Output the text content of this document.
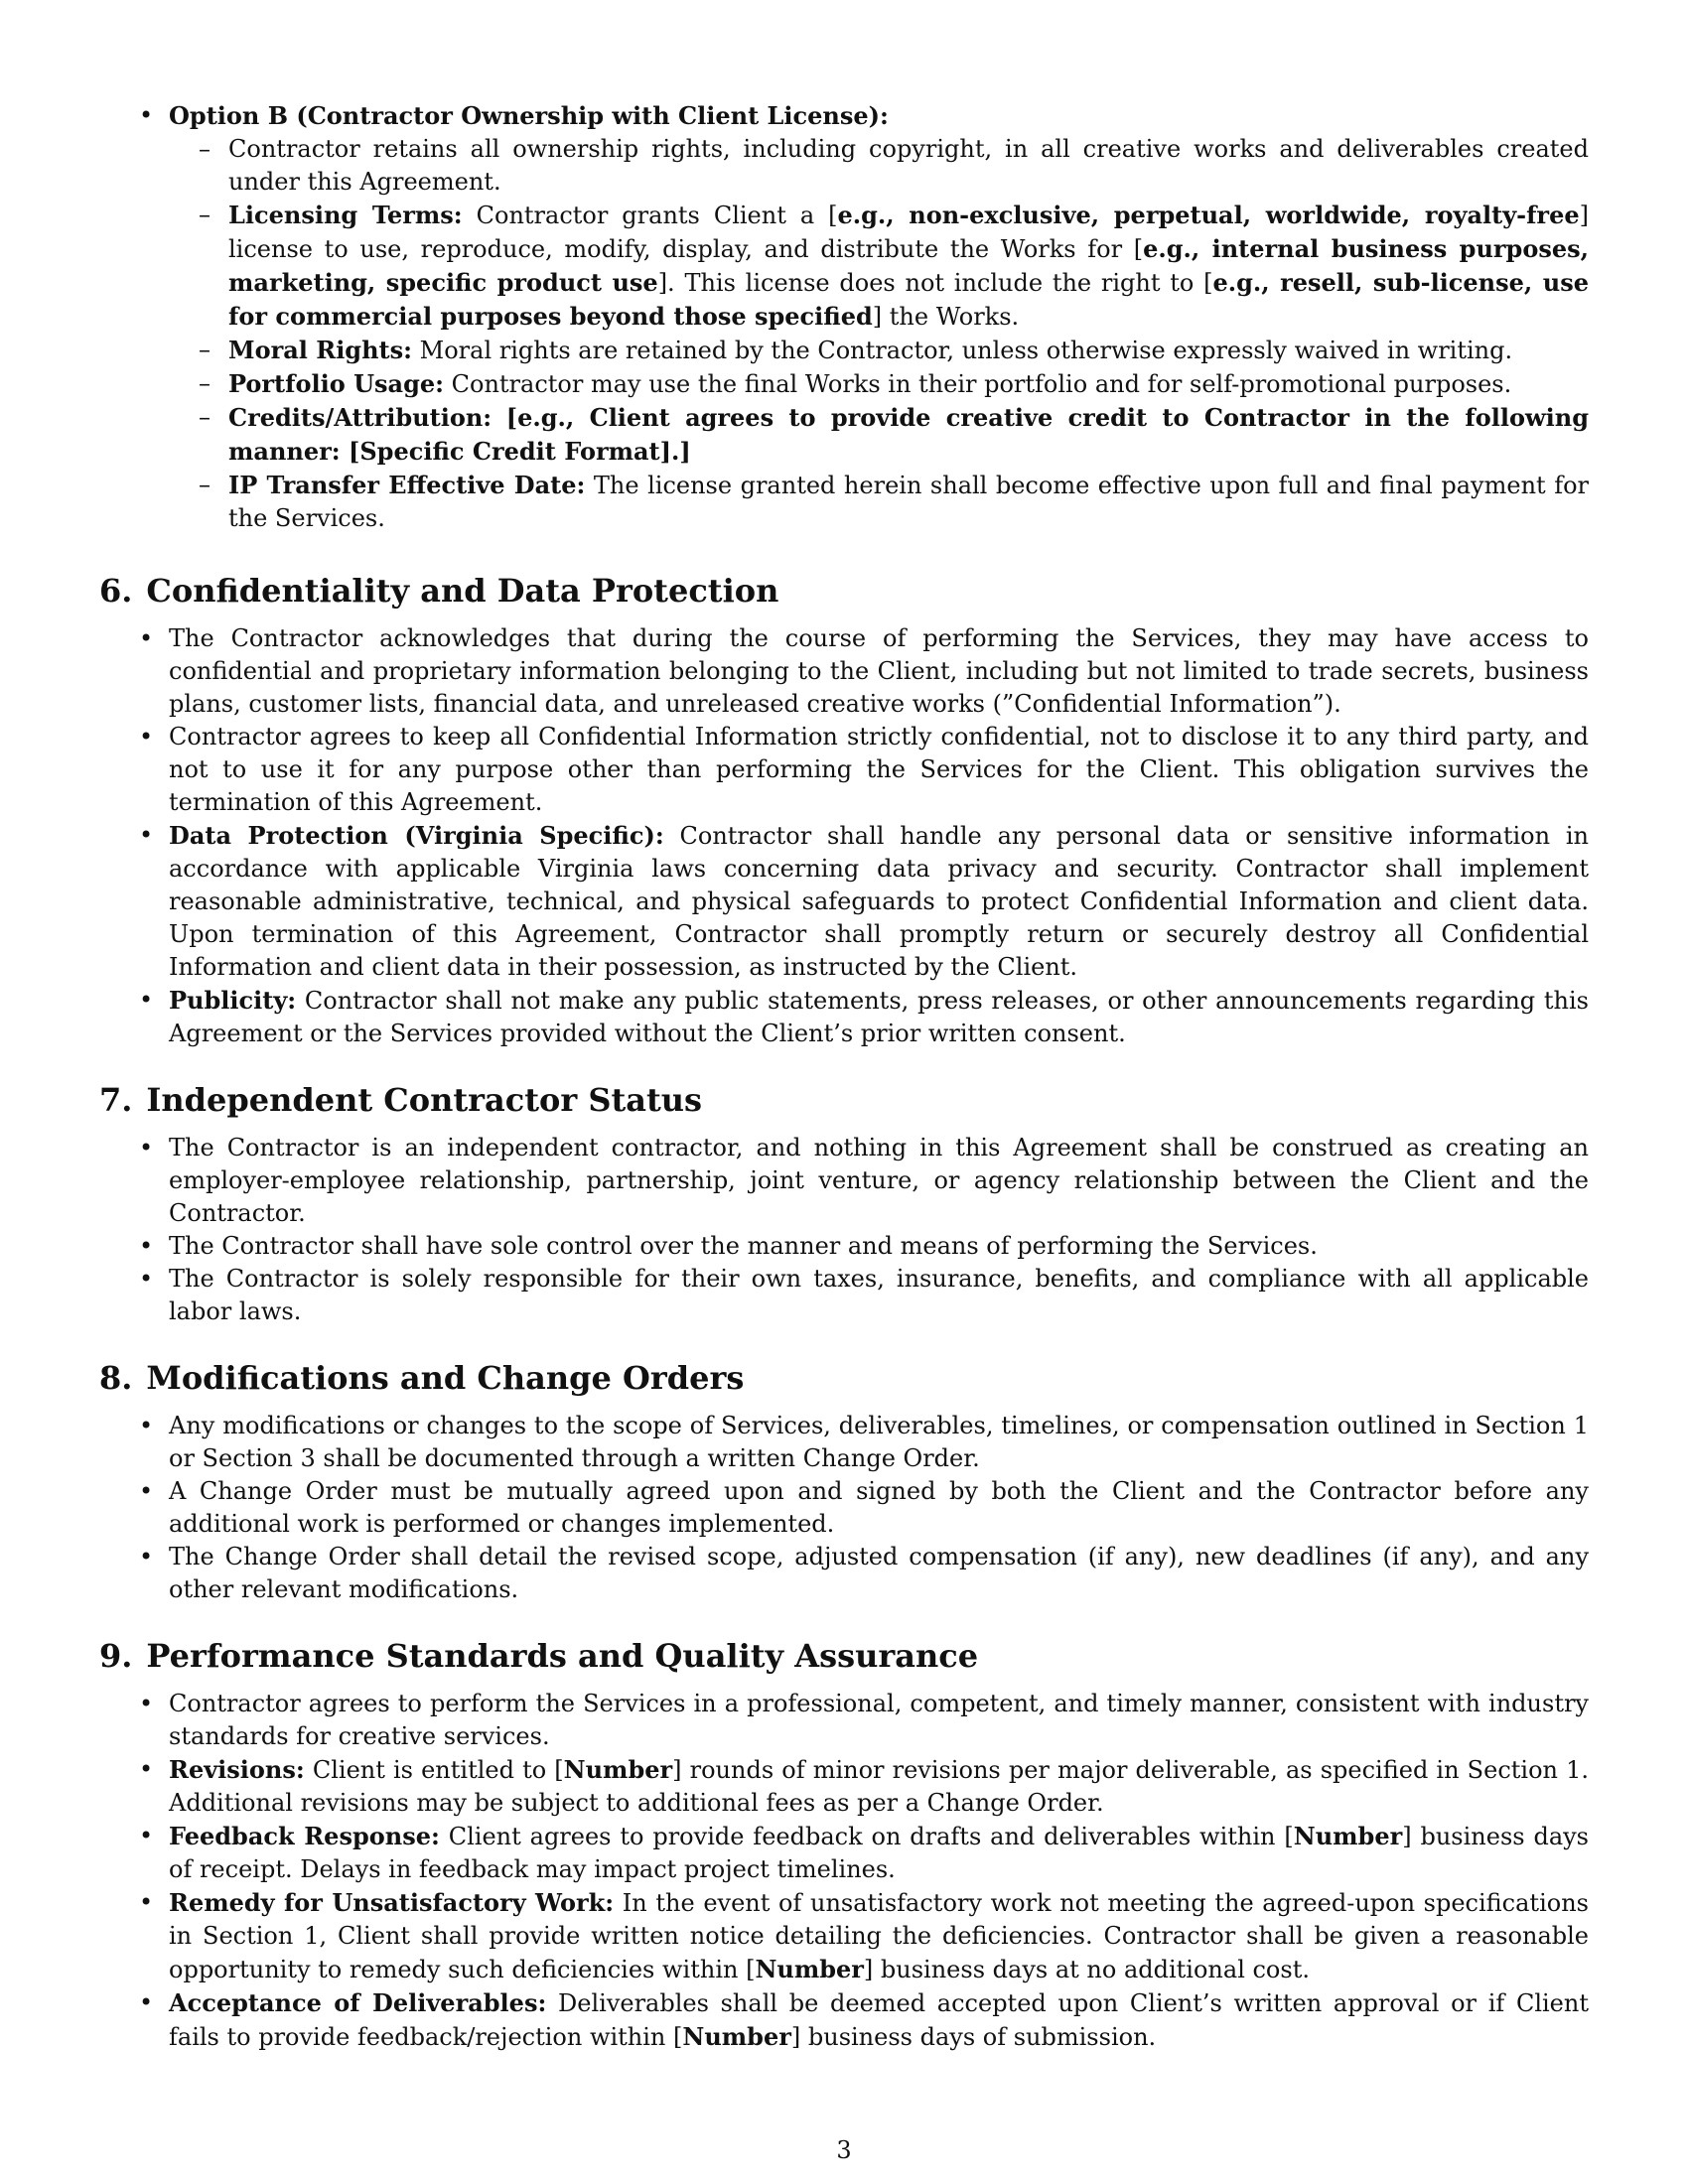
• Option B (Contractor Ownership with Client License):
– Contractor retains all ownership rights, including copyright, in all creative works and deliverables created under this Agreement.
– Licensing Terms: Contractor grants Client a [e.g., non-exclusive, perpetual, worldwide, royalty-free] license to use, reproduce, modify, display, and distribute the Works for [e.g., internal business purposes, marketing, specific product use]. This license does not include the right to [e.g., resell, sub-license, use for commercial purposes beyond those specified] the Works.
– Moral Rights: Moral rights are retained by the Contractor, unless otherwise expressly waived in writing.
– Portfolio Usage: Contractor may use the final Works in their portfolio and for self-promotional purposes.
– Credits/Attribution: [e.g., Client agrees to provide creative credit to Contractor in the following manner: [Specific Credit Format].]
– IP Transfer Effective Date: The license granted herein shall become effective upon full and final payment for the Services.
6. Confidentiality and Data Protection
• The Contractor acknowledges that during the course of performing the Services, they may have access to confidential and proprietary information belonging to the Client, including but not limited to trade secrets, business plans, customer lists, financial data, and unreleased creative works (”Confidential Information”).
• Contractor agrees to keep all Confidential Information strictly confidential, not to disclose it to any third party, and not to use it for any purpose other than performing the Services for the Client. This obligation survives the termination of this Agreement.
• Data Protection (Virginia Specific): Contractor shall handle any personal data or sensitive information in accordance with applicable Virginia laws concerning data privacy and security. Contractor shall implement reasonable administrative, technical, and physical safeguards to protect Confidential Information and client data. Upon termination of this Agreement, Contractor shall promptly return or securely destroy all Confidential Information and client data in their possession, as instructed by the Client.
• Publicity: Contractor shall not make any public statements, press releases, or other announcements regarding this Agreement or the Services provided without the Client’s prior written consent.
7. Independent Contractor Status
• The Contractor is an independent contractor, and nothing in this Agreement shall be construed as creating an employer-employee relationship, partnership, joint venture, or agency relationship between the Client and the Contractor.
• The Contractor shall have sole control over the manner and means of performing the Services.
• The Contractor is solely responsible for their own taxes, insurance, benefits, and compliance with all applicable labor laws.
8. Modifications and Change Orders
• Any modifications or changes to the scope of Services, deliverables, timelines, or compensation outlined in Section 1 or Section 3 shall be documented through a written Change Order.
• A Change Order must be mutually agreed upon and signed by both the Client and the Contractor before any additional work is performed or changes implemented.
• The Change Order shall detail the revised scope, adjusted compensation (if any), new deadlines (if any), and any other relevant modifications.
9. Performance Standards and Quality Assurance
• Contractor agrees to perform the Services in a professional, competent, and timely manner, consistent with industry standards for creative services.
• Revisions: Client is entitled to [Number] rounds of minor revisions per major deliverable, as specified in Section 1. Additional revisions may be subject to additional fees as per a Change Order.
• Feedback Response: Client agrees to provide feedback on drafts and deliverables within [Number] business days of receipt. Delays in feedback may impact project timelines.
• Remedy for Unsatisfactory Work: In the event of unsatisfactory work not meeting the agreed-upon specifications in Section 1, Client shall provide written notice detailing the deficiencies. Contractor shall be given a reasonable opportunity to remedy such deficiencies within [Number] business days at no additional cost.
• Acceptance of Deliverables: Deliverables shall be deemed accepted upon Client’s written approval or if Client fails to provide feedback/rejection within [Number] business days of submission.
3
